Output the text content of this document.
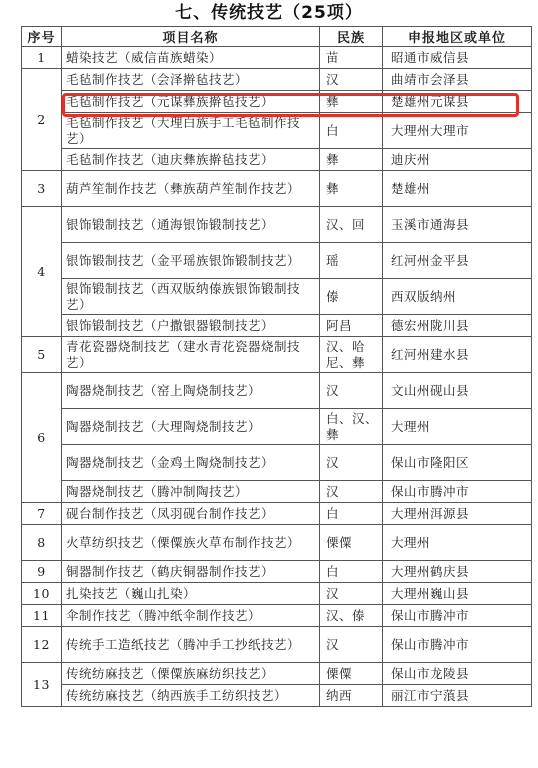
七、传统技艺（25项）
序号	项目名称	民族	申报地区或单位
1	蜡染技艺（威信苗族蜡染）	苗	昭通市威信县
2	毛毡制作技艺（会泽擀毡技艺）	汉	曲靖市会泽县
	毛毡制作技艺（元谋彝族擀毡技艺）	彝	楚雄州元谋县
	毛毡制作技艺（大理白族手工毛毡制作技艺）	白	大理州大理市
	毛毡制作技艺（迪庆彝族擀毡技艺）	彝	迪庆州
3	葫芦笙制作技艺（彝族葫芦笙制作技艺）	彝	楚雄州
4	银饰锻制技艺（通海银饰锻制技艺）	汉、回	玉溪市通海县
	银饰锻制技艺（金平瑶族银饰锻制技艺）	瑶	红河州金平县
	银饰锻制技艺（西双版纳傣族银饰锻制技艺）	傣	西双版纳州
	银饰锻制技艺（户撒银器锻制技艺）	阿昌	德宏州陇川县
5	青花瓷器烧制技艺（建水青花瓷器烧制技艺）	汉、哈尼、彝	红河州建水县
6	陶器烧制技艺（窑上陶烧制技艺）	汉	文山州砚山县
	陶器烧制技艺（大理陶烧制技艺）	白、汉、彝	大理州
	陶器烧制技艺（金鸡土陶烧制技艺）	汉	保山市隆阳区
	陶器烧制技艺（腾冲制陶技艺）	汉	保山市腾冲市
7	砚台制作技艺（凤羽砚台制作技艺）	白	大理州洱源县
8	火草纺织技艺（傈僳族火草布制作技艺）	傈僳	大理州
9	铜器制作技艺（鹤庆铜器制作技艺）	白	大理州鹤庆县
10	扎染技艺（巍山扎染）	汉	大理州巍山县
11	伞制作技艺（腾冲纸伞制作技艺）	汉、傣	保山市腾冲市
12	传统手工造纸技艺（腾冲手工抄纸技艺）	汉	保山市腾冲市
13	传统纺麻技艺（傈僳族麻纺织技艺）	傈僳	保山市龙陵县
	传统纺麻技艺（纳西族手工纺织技艺）	纳西	丽江市宁蒗县
